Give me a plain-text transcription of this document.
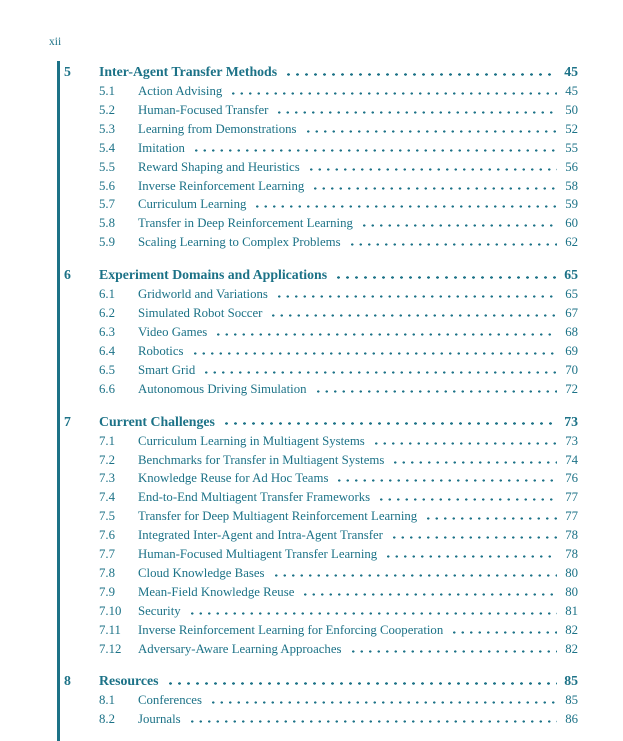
xii
5	Inter-Agent Transfer Methods	45
5.1	Action Advising	45
5.2	Human-Focused Transfer	50
5.3	Learning from Demonstrations	52
5.4	Imitation	55
5.5	Reward Shaping and Heuristics	56
5.6	Inverse Reinforcement Learning	58
5.7	Curriculum Learning	59
5.8	Transfer in Deep Reinforcement Learning	60
5.9	Scaling Learning to Complex Problems	62
6	Experiment Domains and Applications	65
6.1	Gridworld and Variations	65
6.2	Simulated Robot Soccer	67
6.3	Video Games	68
6.4	Robotics	69
6.5	Smart Grid	70
6.6	Autonomous Driving Simulation	72
7	Current Challenges	73
7.1	Curriculum Learning in Multiagent Systems	73
7.2	Benchmarks for Transfer in Multiagent Systems	74
7.3	Knowledge Reuse for Ad Hoc Teams	76
7.4	End-to-End Multiagent Transfer Frameworks	77
7.5	Transfer for Deep Multiagent Reinforcement Learning	77
7.6	Integrated Inter-Agent and Intra-Agent Transfer	78
7.7	Human-Focused Multiagent Transfer Learning	78
7.8	Cloud Knowledge Bases	80
7.9	Mean-Field Knowledge Reuse	80
7.10	Security	81
7.11	Inverse Reinforcement Learning for Enforcing Cooperation	82
7.12	Adversary-Aware Learning Approaches	82
8	Resources	85
8.1	Conferences	85
8.2	Journals	86
